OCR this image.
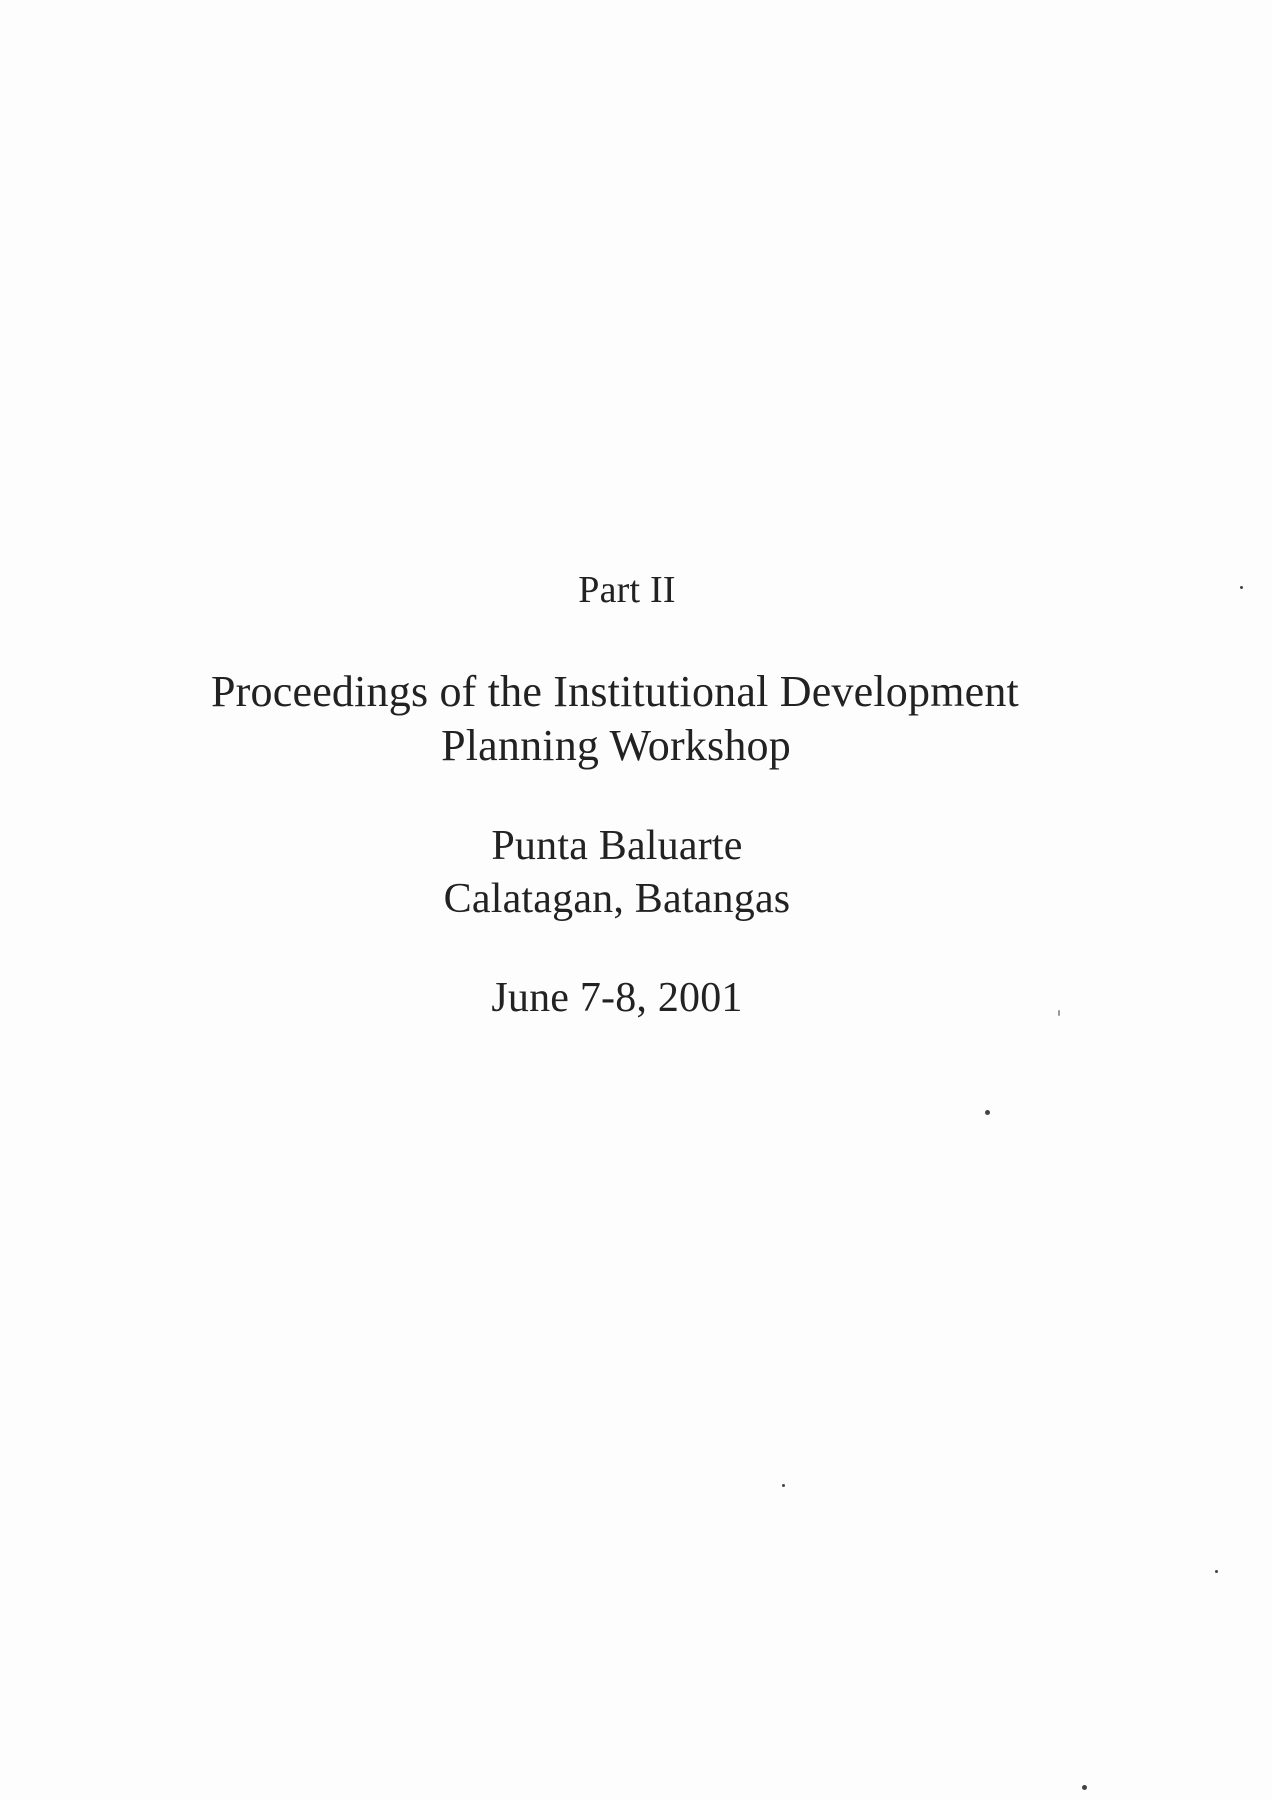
Part II
Proceedings of the Institutional Development
Planning Workshop
Punta Baluarte
Calatagan, Batangas
June 7-8, 2001
